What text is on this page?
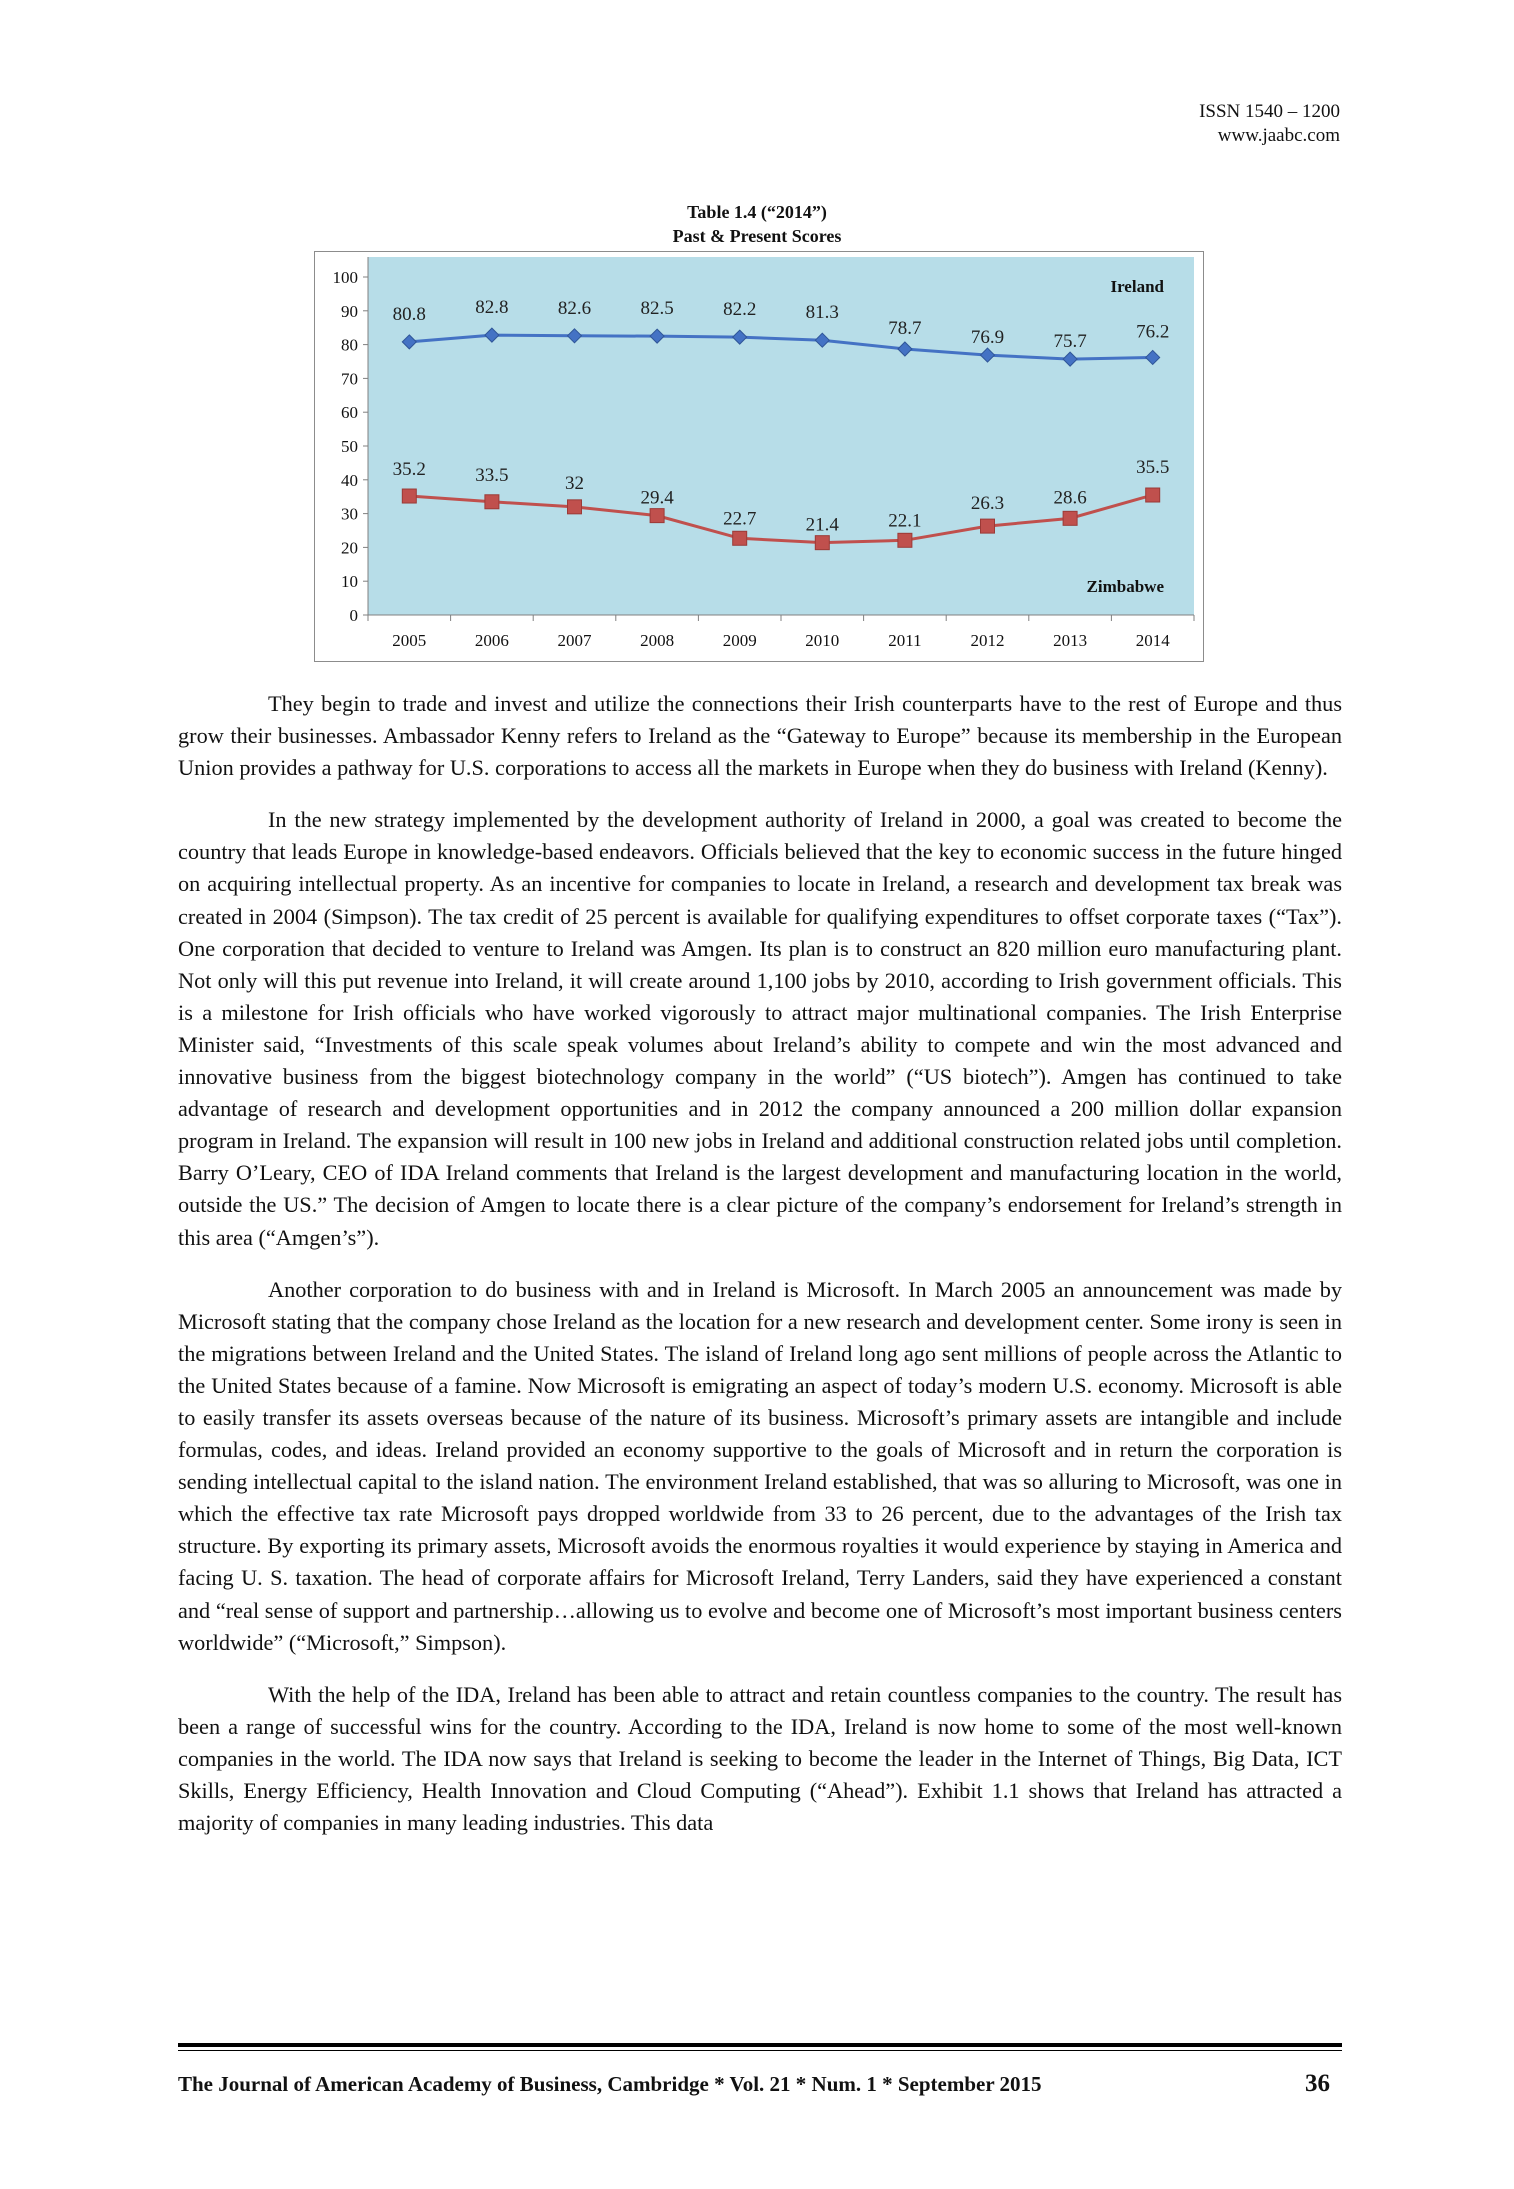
ISSN 1540 – 1200
www.jaabc.com
Table 1.4 (“2014”)
Past & Present Scores
0
10
20
30
40
50
60
70
80
90
100
2005	2006	2007	2008	2009	2010	2011	2012	2013	2014
80.8	82.8	82.6	82.5	82.2	81.3
78.7	76.9	75.7	76.2
35.2	33.5	32
29.4
22.7	21.4	22.1
26.3	28.6
35.5
Ireland
Zimbabwe

They begin to trade and invest and utilize the connections their Irish counterparts have to the rest of Europe and thus grow their businesses. Ambassador Kenny refers to Ireland as the “Gateway to Europe” because its membership in the European Union provides a pathway for U.S. corporations to access all the markets in Europe when they do business with Ireland (Kenny).

In the new strategy implemented by the development authority of Ireland in 2000, a goal was created to become the country that leads Europe in knowledge-based endeavors. Officials believed that the key to economic success in the future hinged on acquiring intellectual property. As an incentive for companies to locate in Ireland, a research and development tax break was created in 2004 (Simpson). The tax credit of 25 percent is available for qualifying expenditures to offset corporate taxes (“Tax”). One corporation that decided to venture to Ireland was Amgen. Its plan is to construct an 820 million euro manufacturing plant. Not only will this put revenue into Ireland, it will create around 1,100 jobs by 2010, according to Irish government officials. This is a milestone for Irish officials who have worked vigorously to attract major multinational companies. The Irish Enterprise Minister said, “Investments of this scale speak volumes about Ireland’s ability to compete and win the most advanced and innovative business from the biggest biotechnology company in the world” (“US biotech”). Amgen has continued to take advantage of research and development opportunities and in 2012 the company announced a 200 million dollar expansion program in Ireland. The expansion will result in 100 new jobs in Ireland and additional construction related jobs until completion. Barry O’Leary, CEO of IDA Ireland comments that Ireland is the largest development and manufacturing location in the world, outside the US.” The decision of Amgen to locate there is a clear picture of the company’s endorsement for Ireland’s strength in this area (“Amgen’s”).

Another corporation to do business with and in Ireland is Microsoft. In March 2005 an announcement was made by Microsoft stating that the company chose Ireland as the location for a new research and development center. Some irony is seen in the migrations between Ireland and the United States. The island of Ireland long ago sent millions of people across the Atlantic to the United States because of a famine. Now Microsoft is emigrating an aspect of today’s modern U.S. economy. Microsoft is able to easily transfer its assets overseas because of the nature of its business. Microsoft’s primary assets are intangible and include formulas, codes, and ideas. Ireland provided an economy supportive to the goals of Microsoft and in return the corporation is sending intellectual capital to the island nation. The environment Ireland established, that was so alluring to Microsoft, was one in which the effective tax rate Microsoft pays dropped worldwide from 33 to 26 percent, due to the advantages of the Irish tax structure. By exporting its primary assets, Microsoft avoids the enormous royalties it would experience by staying in America and facing U. S. taxation. The head of corporate affairs for Microsoft Ireland, Terry Landers, said they have experienced a constant and “real sense of support and partnership…allowing us to evolve and become one of Microsoft’s most important business centers worldwide” (“Microsoft,” Simpson).

With the help of the IDA, Ireland has been able to attract and retain countless companies to the country. The result has been a range of successful wins for the country. According to the IDA, Ireland is now home to some of the most well-known companies in the world. The IDA now says that Ireland is seeking to become the leader in the Internet of Things, Big Data, ICT Skills, Energy Efficiency, Health Innovation and Cloud Computing (“Ahead”). Exhibit 1.1 shows that Ireland has attracted a majority of companies in many leading industries. This data

The Journal of American Academy of Business, Cambridge * Vol. 21 * Num. 1 * September 2015	36
